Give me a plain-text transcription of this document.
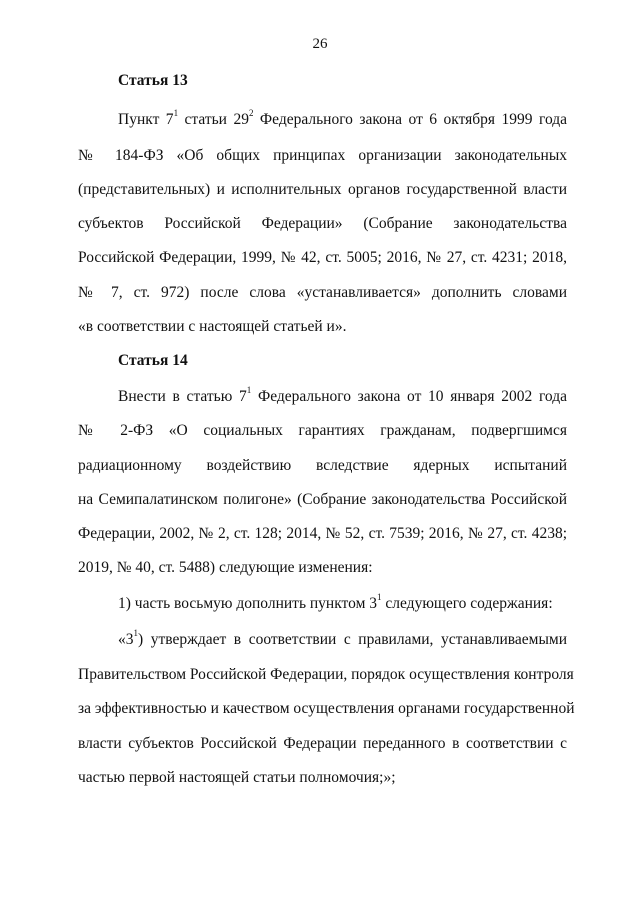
26
Статья 13
Пункт $7^1$ статьи $29^2$ Федерального закона от 6 октября 1999 года
№ 184-ФЗ «Об общих принципах организации законодательных
(представительных) и исполнительных органов государственной власти
субъектов Российской Федерации» (Собрание законодательства
Российской Федерации, 1999, № 42, ст. 5005; 2016, № 27, ст. 4231; 2018,
№ 7, ст. 972) после слова «устанавливается» дополнить словами
«в соответствии с настоящей статьей и».
Статья 14
Внести в статью $7^1$ Федерального закона от 10 января 2002 года
№ 2-ФЗ «О социальных гарантиях гражданам, подвергшимся
радиационному воздействию вследствие ядерных испытаний
на Семипалатинском полигоне» (Собрание законодательства Российской
Федерации, 2002, № 2, ст. 128; 2014, № 52, ст. 7539; 2016, № 27, ст. 4238;
2019, № 40, ст. 5488) следующие изменения:
1) часть восьмую дополнить пунктом $3^1$ следующего содержания:
«$3^1$) утверждает в соответствии с правилами, устанавливаемыми
Правительством Российской Федерации, порядок осуществления контроля
за эффективностью и качеством осуществления органами государственной
власти субъектов Российской Федерации переданного в соответствии с
частью первой настоящей статьи полномочия;»;
